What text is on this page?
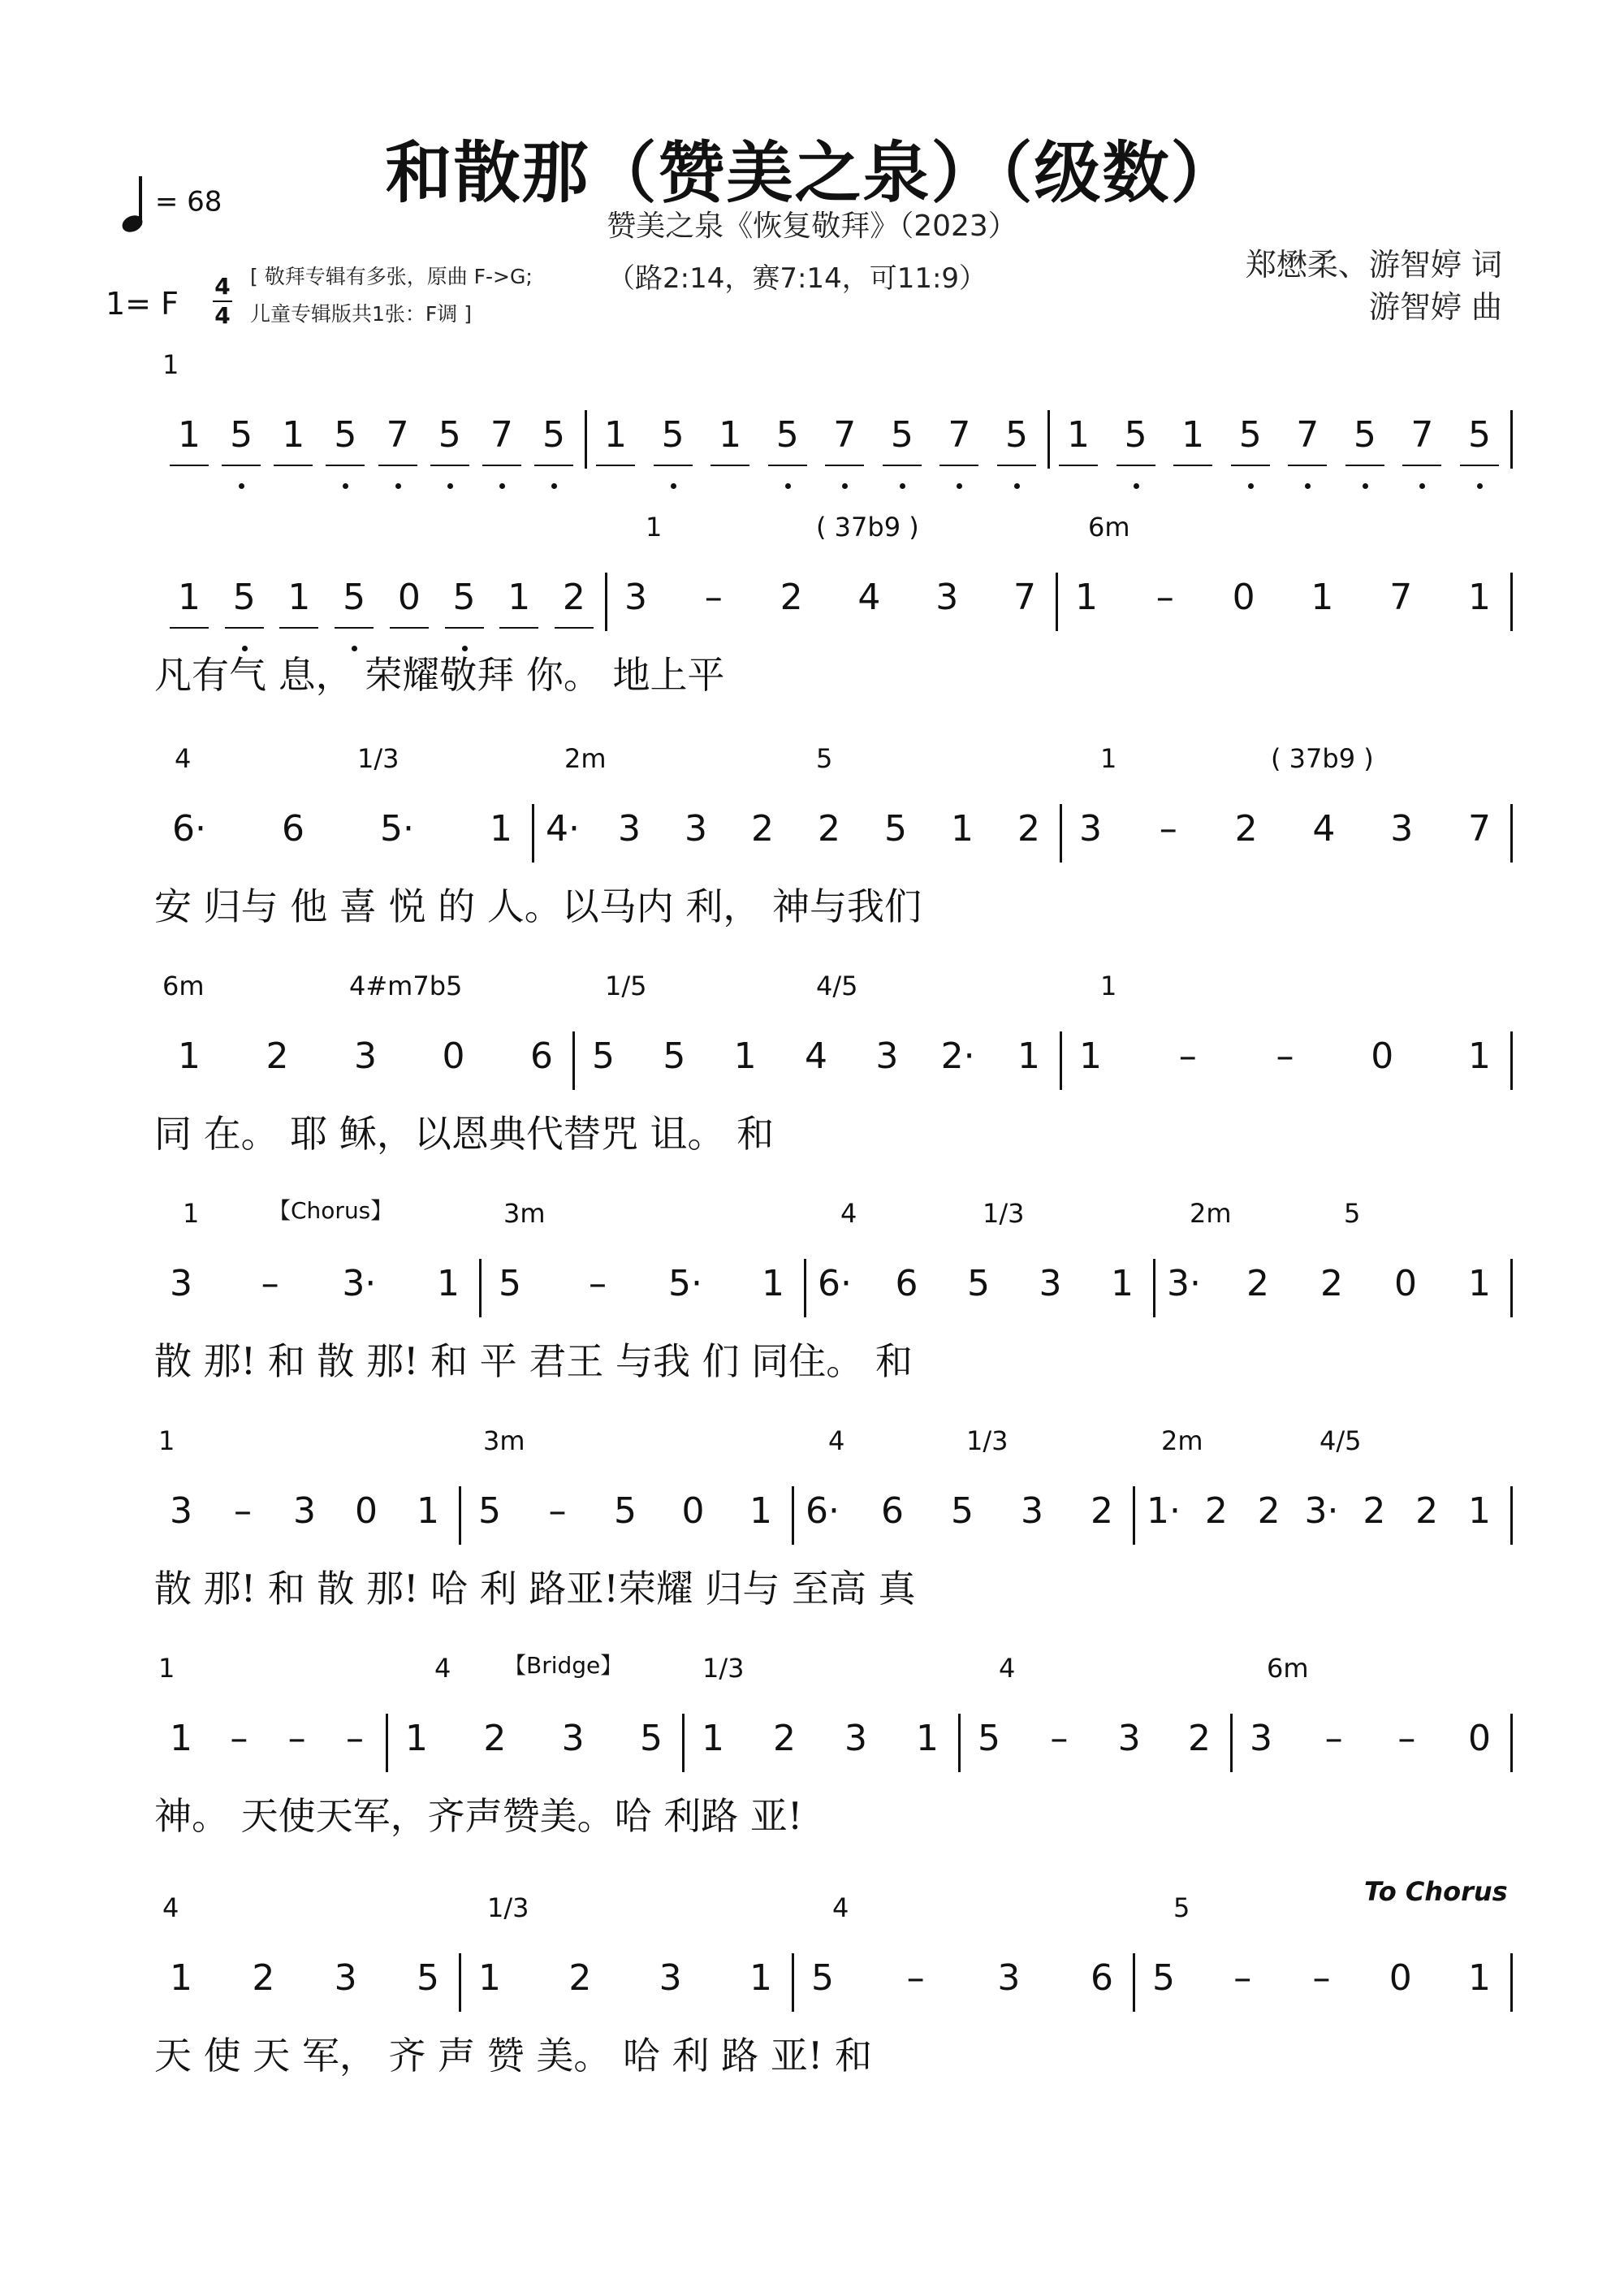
和散那（赞美之泉）（级数）
赞美之泉《恢复敬拜》（2023）
= 68
1= F 4
4
[ 敬拜专辑有多张，原曲 F->G;
儿童专辑版共1张：F调 ]
（路2:14，赛7:14，可11:9）	郑懋柔、游智婷 词
游智婷 曲
1
1 5 1 5 7 5 7 5 1 5 1 5 7 5 7 5 1 5 1 5 7 5 7 5
1	( 37b9 )	6m
1 5 1 5 0 5 1 2 3	–	2 4 3 7 1	–	0 1 7 1
凡有气 息， 荣耀敬拜 你。 地上平
4	1/3	2m	5	1	( 37b9 )
6· 6 5· 1 4· 3 3 2 2 5 1 2 3	–	2 4 3 7
安 归与 他 喜 悦 的 人。以马内 利， 神与我们
6m	4#m7b5	1/5	4/5	1
1 2 3 0 6 5 5 1 4 3 2· 1 1	–	–	0 1
同 在。 耶 稣，以恩典代替咒 诅。 和
1	3m	4	1/3	2m	5
【Chorus】
3	–	3· 1 5	–	5· 1 6· 6 5 3 1 3· 2 2 0 1
散 那! 和 散 那! 和 平 君王 与我 们 同住。 和
1	3m	4	1/3	2m	4/5
3	–	3 0 1 5	–	5 0 1 6· 6 5 3 2 1· 2 2 3· 2 2 1
散 那! 和 散 那! 哈 利 路亚!荣耀 归与 至高 真
1	4	1/3	4	6m
【Bridge】
1	–	–	–	1 2 3 5 1 2 3 1 5	–	3 2 3	–	–	0
神。 天使天军，齐声赞美。哈 利路 亚!
4	1/3	4	5
To Chorus
1 2 3 5 1 2 3 1 5	–	3 6 5	–	–	0 1
天 使 天 军， 齐 声 赞 美。 哈 利 路 亚! 和
